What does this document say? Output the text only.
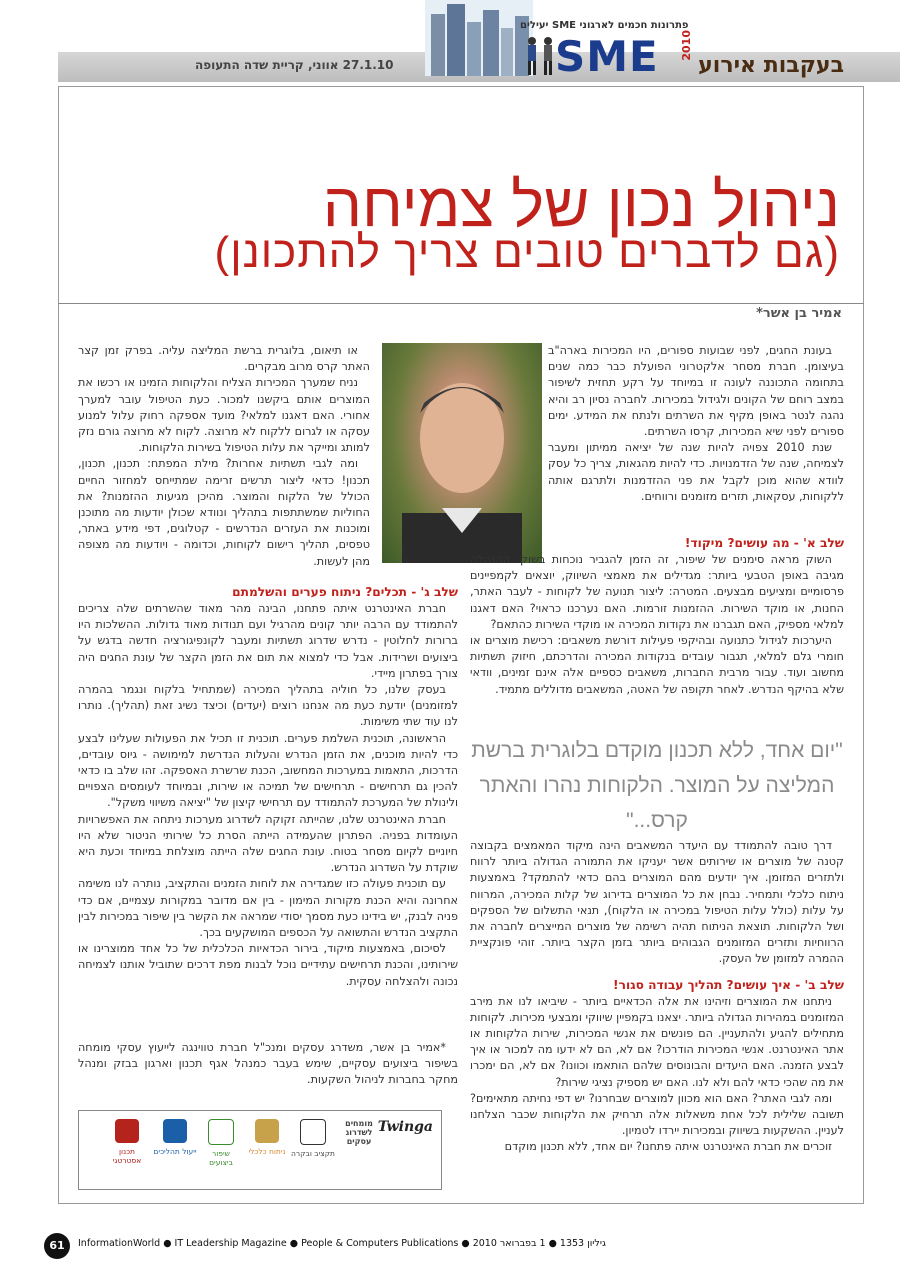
פתרונות חכמים לארגוני SME יעילים
SME 2010
בעקבות אירוע
27.1.10 אווני, קריית שדה התעופה
ניהול נכון של צמיחה
(גם לדברים טובים צריך להתכונן)
אמיר בן אשר*

בעונת החגים, לפני שבועות ספורים, היו המכירות בארה"ב בעיצומן. חברת מסחר אלקטרוני הפועלת כבר כמה שנים בתחומה התכוננה לעונה זו במיוחד על רקע תחזית לשיפור במצב רוחם של הקונים ולגידול במכירות. לחברה נסיון רב והיא נהגה לנטר באופן מקיף את השרתים ולנתח את המידע. ימים ספורים לפני שיא המכירות, קרסו השרתים.

שנת 2010 צפויה להיות שנה של יציאה ממיתון ומעבר לצמיחה, שנה של הזדמנויות. כדי להיות מהגאות, צריך כל עסק לוודא שהוא מוכן לקבל את פני ההזדמנות ולתרגם אותה ללקוחות, עסקאות, תזרים מזומנים ורווחים.

או תיאום, בלוגרית ברשת המליצה עליה. בפרק זמן קצר האתר קרס מרוב מבקרים.

נניח שמערך המכירות הצליח והלקוחות הזמינו או רכשו את המוצרים אותם ביקשנו למכור. כעת הטיפול עובר למערך אחורי. האם דאגנו למלאי? מועד אספקה רחוק עלול למנוע עסקה או לגרום ללקוח לא מרוצה. לקוח לא מרוצה גורם נזק למותג ומייקר את עלות הטיפול בשירות הלקוחות.

ומה לגבי תשתיות אחרות? מילת המפתח: תכנון, תכנון, תכנון! כדאי ליצור תרשים זרימה שמתייחס למחזור החיים הכולל של הלקוח והמוצר. מהיכן מגיעות ההזמנות? את החוליות שמשתתפות בתהליך ונוודא שכולן יודעות מה מתוכנן ומוכנות את העזרים הנדרשים - קטלוגים, דפי מידע באתר, טפסים, תהליך רישום לקוחות, וכדומה - ויודעות מה מצופה מהן לעשות.

שלב א' - מה עושים? מיקוד!

השוק מראה סימנים של שיפור, זה הזמן להגביר נוכחות בשוק. ההנהלה מגיבה באופן הטבעי ביותר: מגדילים את מאמצי השיווק, יוצאים לקמפיינים פרסומיים ומציעים מבצעים. המטרה: ליצור תנועה של לקוחות - לעבר האתר, החנות, או מוקד השירות. ההזמנות זורמות. האם נערכנו כראוי? האם דאגנו למלאי מספיק, האם תגברנו את נקודות המכירה או מוקדי השירות כהתאם?

היערכות לגידול כתנועה ובהיקפי פעילות דורשת משאבים: רכישת מוצרים או חומרי גלם למלאי, תגבור עובדים בנקודות המכירה והדרכתם, חיזוק תשתיות מחשוב ועוד. עבור מרבית החברות, משאבים כספיים אלה אינם זמינים, וודאי שלא בהיקף הנדרש. לאחר תקופה של האטה, המשאבים מדוללים מתמיד.

"יום אחד, ללא תכנון מוקדם בלוגרית ברשת המליצה על המוצר. הלקוחות נהרו והאתר קרס..."

דרך טובה להתמודד עם היעדר המשאבים הינה מיקוד המאמצים בקבוצה קטנה של מוצרים או שירותים אשר יעניקו את התמורה הגדולה ביותר לרווח ולתזרים המזומן. איך יודעים מהם המוצרים בהם כדאי להתמקד? באמצעות ניתוח כלכלי ותמחיר. נבחן את כל המוצרים בדירוג של קלות המכירה, המרווח על עלות (כולל עלות הטיפול במכירה או הלקוח), תנאי התשלום של הספקים ושל הלקוחות. תוצאת הניתוח תהיה רשימה של מוצרים המייצרים לחברה את הרווחיות ותזרים המזומנים הגבוהים ביותר בזמן הקצר ביותר. זוהי פונקציית ההמרה למזומן של העסק.

שלב ב' - איך עושים? תהליך עבודה סגור!

ניתחנו את המוצרים וזיהינו את אלה הכדאיים ביותר - שיביאו לנו את מירב המזומנים במהירות הגדולה ביותר. יצאנו בקמפיין שיווקי ומבצעי מכירות. לקוחות מתחילים להגיע ולהתעניין. הם פונשים את אנשי המכירות, שירות הלקוחות או אתר האינטרנט. אנשי המכירות הודרכו? אם לא, הם לא ידעו מה למכור או איך לבצע הזמנה. האם היעדים והבונוסים שלהם הותאמו וכוונו? אם לא, הם ימכרו את מה שהכי כדאי להם ולא לנו. האם יש מספיק נציגי שירות?

ומה לגבי האתר? האם הוא מכוון למוצרים שבחרנו? יש דפי נחיתה מתאימים? תשובה שלילית לכל אחת משאלות אלה תרחיק את הלקוחות שכבר הצלחנו לעניין. ההשקעות בשיווק ובמכירות יירדו לטמיון.

זוכרים את חברת האינטרנט איתה פתחנו? יום אחד, ללא תכנון מוקדם

שלב ג' - תכלים? ניתוח פערים והשלמתם

חברת האינטרנט איתה פתחנו, הבינה מהר מאוד שהשרתים שלה צריכים להתמודד עם הרבה יותר קונים מהרגיל ועם תנודות מאוד גדולות. ההשלכות היו ברורות לחלוטין - נדרש שדרוג תשתיות ומעבר לקונפיגורציה חדשה בדגש על ביצועים ושרידות. אבל כדי למצוא את תום את הזמן הקצר של עונת החגים היה צורך בפתרון מיידי.

בעסק שלנו, כל חוליה בתהליך המכירה (שמתחיל בלקוח ונגמר בהמרה למזומנים) יודעת כעת מה אנחנו רוצים (יעדים) וכיצד נשיג זאת (תהליך). נותרו לנו עוד שתי משימות.

הראשונה, תוכנית השלמת פערים. תוכנית זו תכיל את הפעולות שעלינו לבצע כדי להיות מוכנים, את הזמן הנדרש והעלות הנדרשת למימושה - גיוס עובדים, הדרכות, התאמות במערכות המחשוב, הכנת שרשרת האספקה. זהו שלב בו כדאי להכין גם תרחישים - תרחישים של תמיכה או שירות, ובמיוחד לעומסים הצפויים ולינולת של המערכת להתמודד עם תרחישי קיצון של "יציאה משיווי משקל".

חברת האינטרנט שלנו, שהייתה זקוקה לשדרוג מערכות ניתחה את האפשרויות העומדות בפניה. הפתרון שהעמידה הייתה הסרת כל שירותי הניטור שלא היו חיוניים לקיום מסחר בטוח. עונת החגים שלה הייתה מוצלחת במיוחד וכעת היא שוקדת על השדרוג הנדרש.

עם תוכנית פעולה כזו שמגדירה את לוחות הזמנים והתקציב, נותרה לנו משימה אחרונה והיא הכנת מקורות המימון - בין אם מדובר במקורות עצמיים, אם כדי פניה לבנק, יש בידינו כעת מסמך יסודי שמראה את הקשר בין שיפור במכירות לבין התקציב הנדרש והתשואה על הכספים המושקעים בכך.

לסיכום, באמצעות מיקוד, בירור הכדאיות הכלכלית של כל אחד ממוצרינו או שירותינו, והכנת תרחישים עתידיים נוכל לבנות מפת דרכים שתוביל אותנו לצמיחה נכונה ולהצלחה עסקית.

*אמיר בן אשר, משדרג עסקים ומנכ"ל חברת טווינגה לייעוץ עסקי מומחה בשיפור ביצועים עסקיים, שימש בעבר כמנהל אגף תכנון וארגון בבזק ומנהל מחקר בחברות לניהול השקעות.

Twinga
מומחים לשדרוג עסקים
תקציב ובקרה
ניתוח כלכלי
שיפור ביצועים
ייעול תהליכים
תכנון אסטרטגי
61	InformationWorld ● IT Leadership Magazine ● People & Computers Publications ● 2010 גיליון 1353 ● 1 בפברואר
